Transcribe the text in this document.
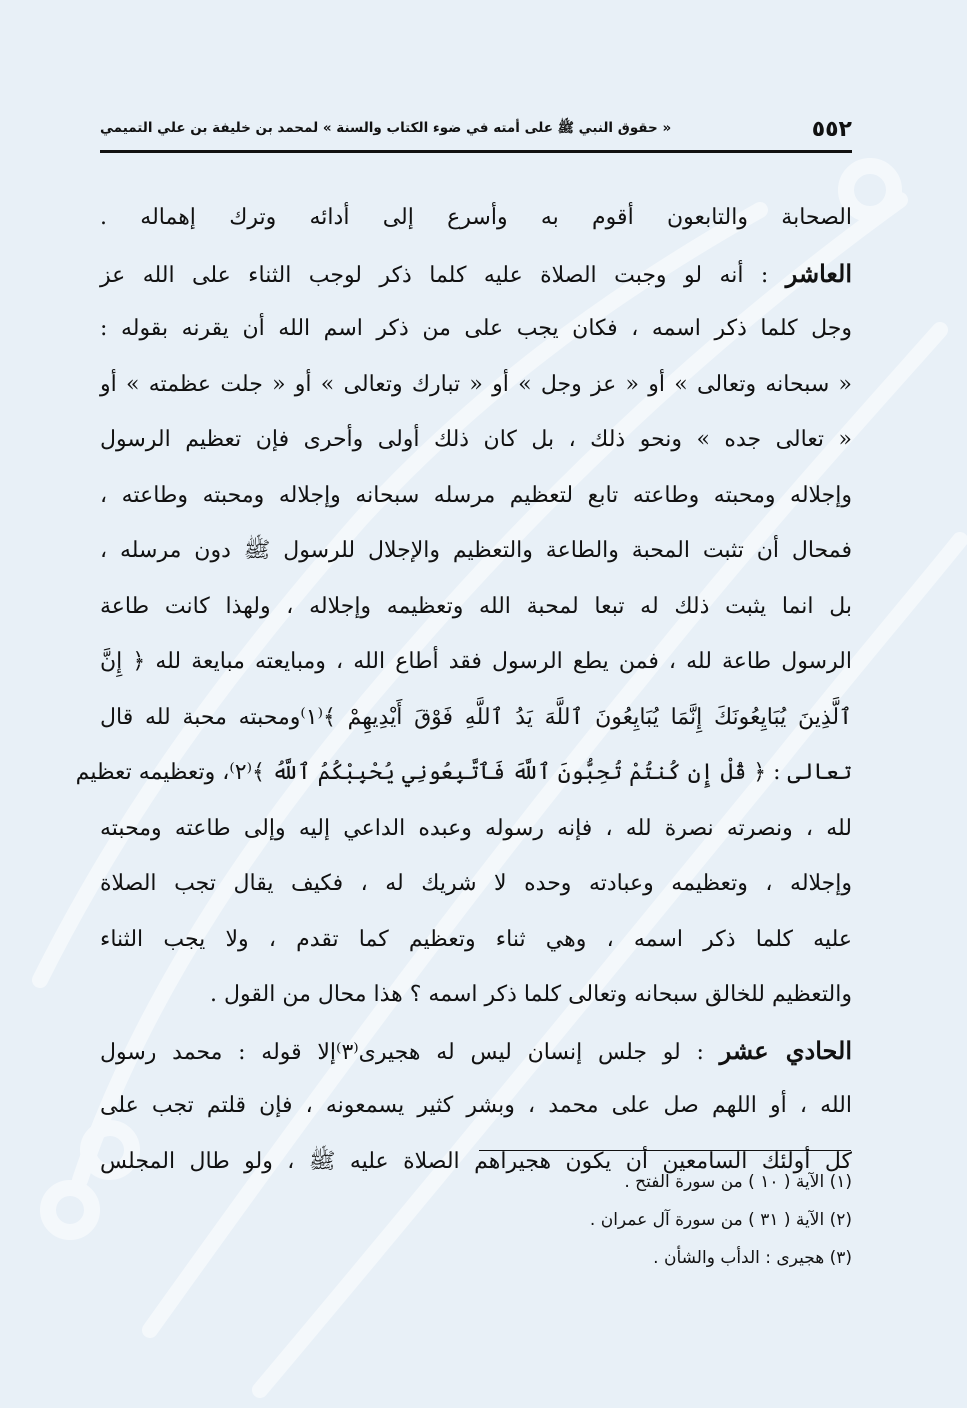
٥٥٢
« حقوق النبي ﷺ على أمته في ضوء الكتاب والسنة » لمحمد بن خليفة بن علي التميمي
الصحابة والتابعون أقوم به وأسرع إلى أدائه وترك إهماله .
العاشر : أنه لو وجبت الصلاة عليه كلما ذكر لوجب الثناء على الله عز
وجل كلما ذكر اسمه ، فكان يجب على من ذكر اسم الله أن يقرنه بقوله :
« سبحانه وتعالى » أو « عز وجل » أو « تبارك وتعالى » أو « جلت عظمته » أو
« تعالى جده » ونحو ذلك ، بل كان ذلك أولى وأحرى فإن تعظيم الرسول
وإجلاله ومحبته وطاعته تابع لتعظيم مرسله سبحانه وإجلاله ومحبته وطاعته ،
فمحال أن تثبت المحبة والطاعة والتعظيم والإجلال للرسول ﷺ دون مرسله ،
بل انما يثبت ذلك له تبعا لمحبة الله وتعظيمه وإجلاله ، ولهذا كانت طاعة
الرسول طاعة لله ، فمن يطع الرسول فقد أطاع الله ، ومبايعته مبايعة لله ﴿ إِنَّ
ٱلَّذِينَ يُبَايِعُونَكَ إِنَّمَا يُبَايِعُونَ ٱللَّهَ يَدُ ٱللَّهِ فَوْقَ أَيْدِيهِمْ ﴾⁽١⁾ومحبته محبة لله قال
تعالى : ﴿ قُلْ إِن كُنتُمْ تُحِبُّونَ ٱللَّهَ فَٱتَّبِعُونِي يُحْبِبْكُمُ ٱللَّهُ ﴾⁽٢⁾، وتعظيمه تعظيم
لله ، ونصرته نصرة لله ، فإنه رسوله وعبده الداعي إليه وإلى طاعته ومحبته
وإجلاله ، وتعظيمه وعبادته وحده لا شريك له ، فكيف يقال تجب الصلاة
عليه كلما ذكر اسمه ، وهي ثناء وتعظيم كما تقدم ، ولا يجب الثناء
والتعظيم للخالق سبحانه وتعالى كلما ذكر اسمه ؟ هذا محال من القول .
الحادي عشر : لو جلس إنسان ليس له هجيرى⁽٣⁾إلا قوله : محمد رسول
الله ، أو اللهم صل على محمد ، وبشر كثير يسمعونه ، فإن قلتم تجب على
كل أولئك السامعين أن يكون هجيراهم الصلاة عليه ﷺ ، ولو طال المجلس
(١) الآية ( ١٠ ) من سورة الفتح .
(٢) الآية ( ٣١ ) من سورة آل عمران .
(٣) هجيرى : الدأب والشأن .
